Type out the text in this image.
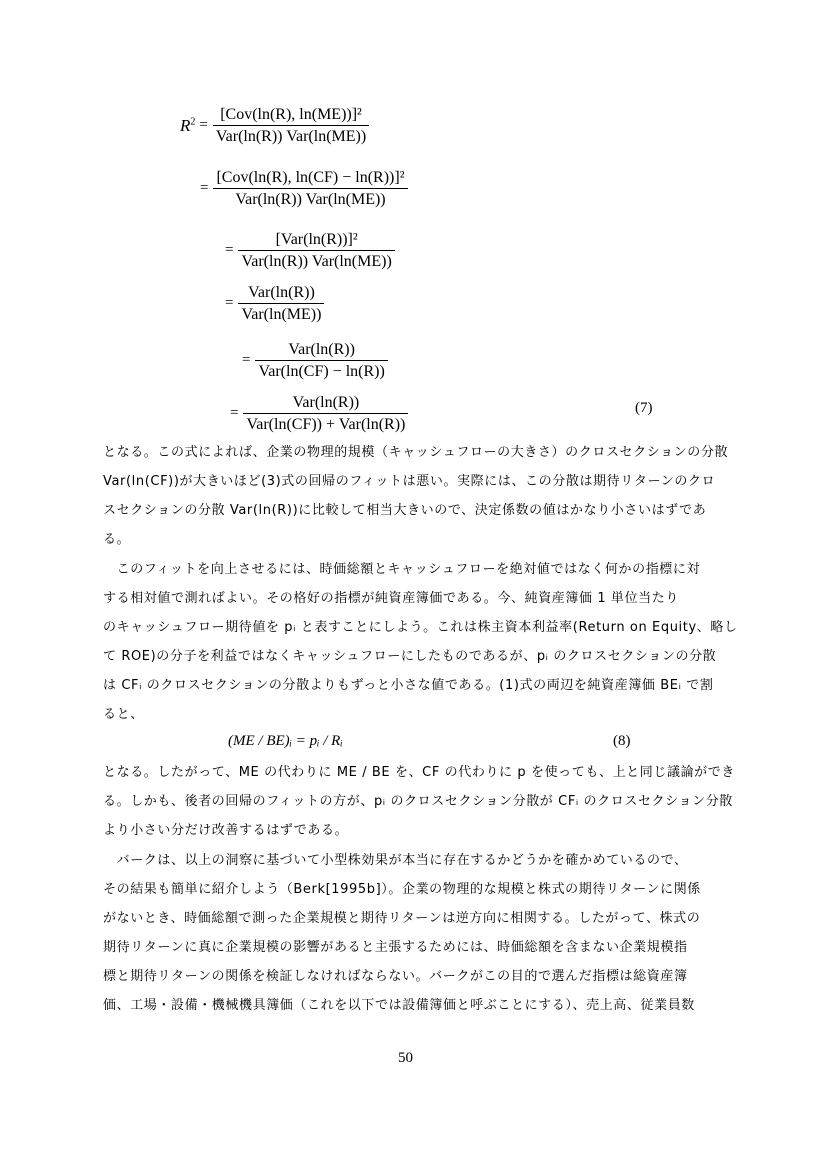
$R^2 = \frac{\text{[Cov(ln(R), ln(ME))]²}}{\text{Var(ln(R)) Var(ln(ME))}}$
= $\frac{\text{[Cov(ln(R), ln(CF) − ln(R))]²}}{\text{Var(ln(R)) Var(ln(ME))}}$
= $\frac{\text{[Var(ln(R))]²}}{\text{Var(ln(R)) Var(ln(ME))}}$
= $\frac{\text{Var(ln(R))}}{\text{Var(ln(ME))}}$
= $\frac{\text{Var(ln(R))}}{\text{Var(ln(CF) − ln(R))}}$
= $\frac{\text{Var(ln(R))}}{\text{Var(ln(CF)) + Var(ln(R))}}$	(7)
となる。この式によれば、企業の物理的規模（キャッシュフローの大きさ）のクロスセクションの分散
Var(ln(CF))が大きいほど(3)式の回帰のフィットは悪い。実際には、この分散は期待リターンのクロ
スセクションの分散 Var(ln(R))に比較して相当大きいので、決定係数の値はかなり小さいはずであ
る。
　このフィットを向上させるには、時価総額とキャッシュフローを絶対値ではなく何かの指標に対
する相対値で測ればよい。その格好の指標が純資産簿価である。今、純資産簿価 1 単位当たり
のキャッシュフロー期待値を pᵢ と表すことにしよう。これは株主資本利益率(Return on Equity、略し
て ROE)の分子を利益ではなくキャッシュフローにしたものであるが、pᵢ のクロスセクションの分散
は CFᵢ のクロスセクションの分散よりもずっと小さな値である。(1)式の両辺を純資産簿価 BEᵢ で割
ると、
(ME / BE)ᵢ = pᵢ / Rᵢ	(8)
となる。したがって、ME の代わりに ME / BE を、CF の代わりに p を使っても、上と同じ議論ができ
る。しかも、後者の回帰のフィットの方が、pᵢ のクロスセクション分散が CFᵢ のクロスセクション分散
より小さい分だけ改善するはずである。
　バークは、以上の洞察に基づいて小型株効果が本当に存在するかどうかを確かめているので、
その結果も簡単に紹介しよう（Berk[1995b]）。企業の物理的な規模と株式の期待リターンに関係
がないとき、時価総額で測った企業規模と期待リターンは逆方向に相関する。したがって、株式の
期待リターンに真に企業規模の影響があると主張するためには、時価総額を含まない企業規模指
標と期待リターンの関係を検証しなければならない。バークがこの目的で選んだ指標は総資産簿
価、工場・設備・機械機具簿価（これを以下では設備簿価と呼ぶことにする）、売上高、従業員数
50
